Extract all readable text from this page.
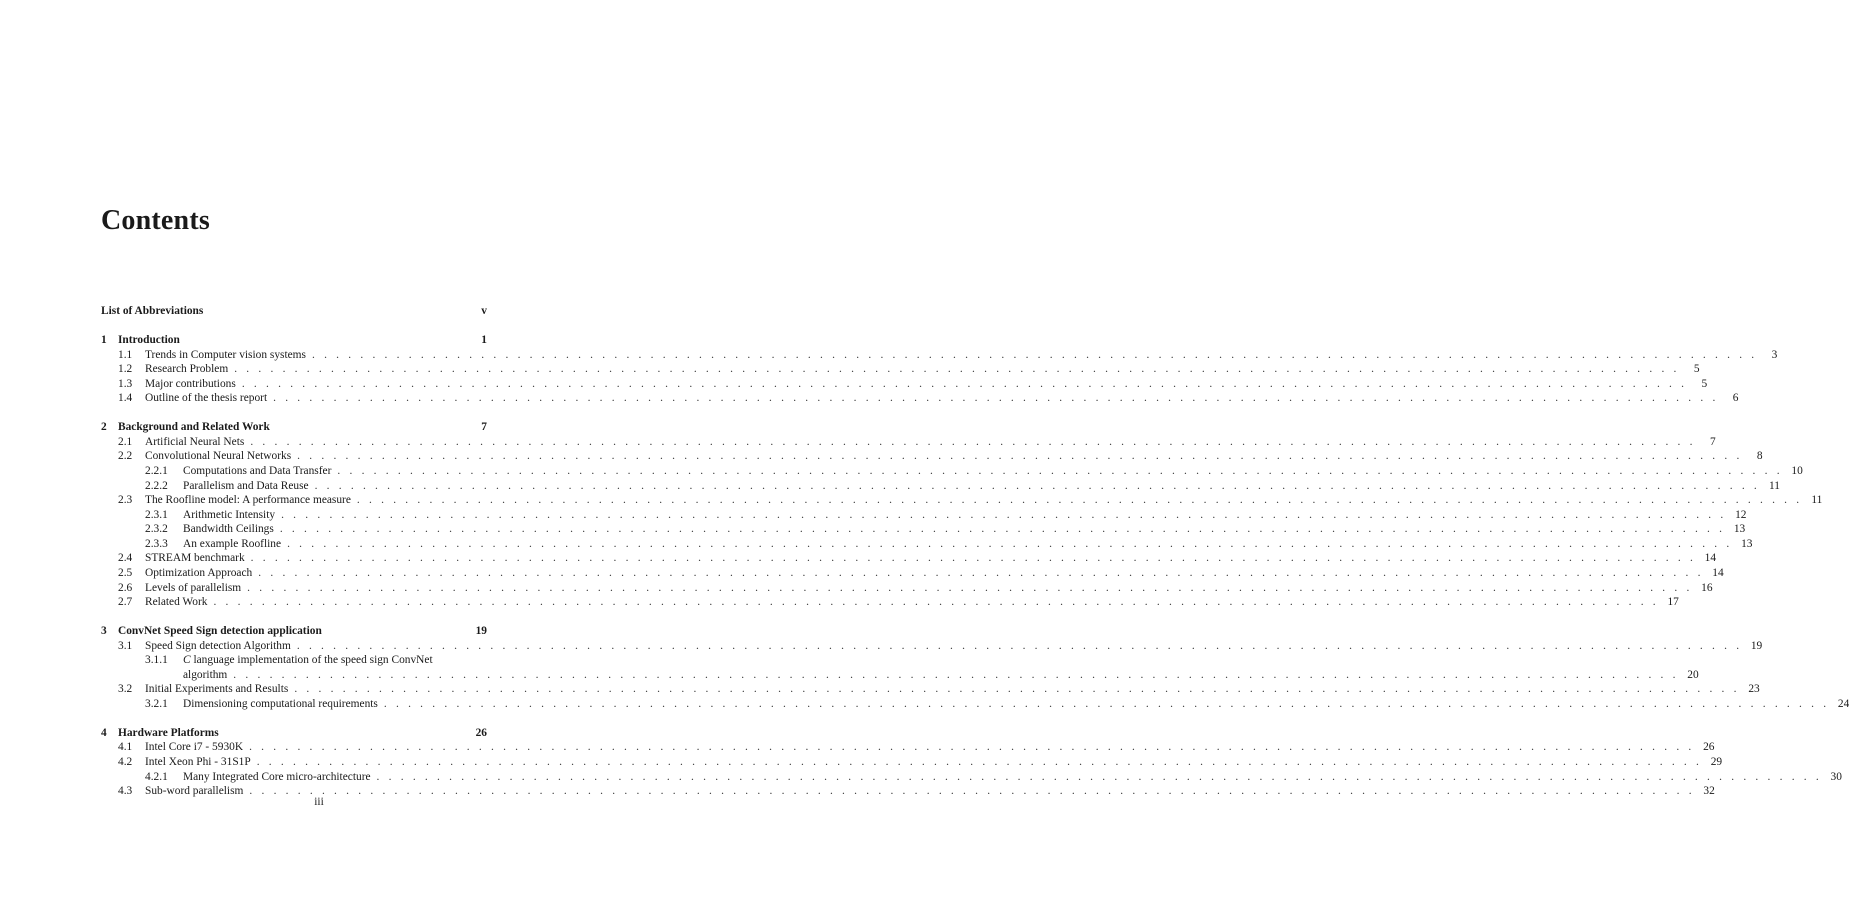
Contents
List of Abbreviations	v
1 Introduction	1
1.1	Trends in Computer vision systems . . . . . . . . . . . . . . . . . . . . . . . . . . . . . . . . . . . . . . . . . . . . . . . . . . . . . . . . . . . . . . . . . . . . . . . . . . . . . . . . . . . . . . . . . . . . . . . . . . . . . . . . . . . . . . . . . . . . . . . .	3
1.2	Research Problem . . . . . . . . . . . . . . . . . . . . . . . . . . . . . . . . . . . . . . . . . . . . . . . . . . . . . . . . . . . . . . . . . . . . . . . . . . . . . . . . . . . . . . . . . . . . . . . . . . . . . . . . . . . . . . . . . . . . . . . .	5
1.3	Major contributions . . . . . . . . . . . . . . . . . . . . . . . . . . . . . . . . . . . . . . . . . . . . . . . . . . . . . . . . . . . . . . . . . . . . . . . . . . . . . . . . . . . . . . . . . . . . . . . . . . . . . . . . . . . . . . . . . . . . . . . .	5
1.4	Outline of the thesis report . . . . . . . . . . . . . . . . . . . . . . . . . . . . . . . . . . . . . . . . . . . . . . . . . . . . . . . . . . . . . . . . . . . . . . . . . . . . . . . . . . . . . . . . . . . . . . . . . . . . . . . . . . . . . . . . . . . . . . . .	6
2 Background and Related Work	7
2.1	Artificial Neural Nets . . . . . . . . . . . . . . . . . . . . . . . . . . . . . . . . . . . . . . . . . . . . . . . . . . . . . . . . . . . . . . . . . . . . . . . . . . . . . . . . . . . . . . . . . . . . . . . . . . . . . . . . . . . . . . . . . . . . . . . .	7
2.2	Convolutional Neural Networks . . . . . . . . . . . . . . . . . . . . . . . . . . . . . . . . . . . . . . . . . . . . . . . . . . . . . . . . . . . . . . . . . . . . . . . . . . . . . . . . . . . . . . . . . . . . . . . . . . . . . . . . . . . . . . . . . . . . . . . .	8
2.2.1	Computations and Data Transfer . . . . . . . . . . . . . . . . . . . . . . . . . . . . . . . . . . . . . . . . . . . . . . . . . . . . . . . . . . . . . . . . . . . . . . . . . . . . . . . . . . . . . . . . . . . . . . . . . . . . . . . . . . . . . . . . . . . . . . . . 10
2.2.2	Parallelism and Data Reuse . . . . . . . . . . . . . . . . . . . . . . . . . . . . . . . . . . . . . . . . . . . . . . . . . . . . . . . . . . . . . . . . . . . . . . . . . . . . . . . . . . . . . . . . . . . . . . . . . . . . . . . . . . . . . . . . . . . . . . . . 11
2.3	The Roofline model: A performance measure . . . . . . . . . . . . . . . . . . . . . . . . . . . . . . . . . . . . . . . . . . . . . . . . . . . . . . . . . . . . . . . . . . . . . . . . . . . . . . . . . . . . . . . . . . . . . . . . . . . . . . . . . . . . . . . . . . . . . . . . 11
2.3.1	Arithmetic Intensity . . . . . . . . . . . . . . . . . . . . . . . . . . . . . . . . . . . . . . . . . . . . . . . . . . . . . . . . . . . . . . . . . . . . . . . . . . . . . . . . . . . . . . . . . . . . . . . . . . . . . . . . . . . . . . . . . . . . . . . . 12
2.3.2	Bandwidth Ceilings . . . . . . . . . . . . . . . . . . . . . . . . . . . . . . . . . . . . . . . . . . . . . . . . . . . . . . . . . . . . . . . . . . . . . . . . . . . . . . . . . . . . . . . . . . . . . . . . . . . . . . . . . . . . . . . . . . . . . . . . 13
2.3.3	An example Roofline . . . . . . . . . . . . . . . . . . . . . . . . . . . . . . . . . . . . . . . . . . . . . . . . . . . . . . . . . . . . . . . . . . . . . . . . . . . . . . . . . . . . . . . . . . . . . . . . . . . . . . . . . . . . . . . . . . . . . . . . 13
2.4	STREAM benchmark . . . . . . . . . . . . . . . . . . . . . . . . . . . . . . . . . . . . . . . . . . . . . . . . . . . . . . . . . . . . . . . . . . . . . . . . . . . . . . . . . . . . . . . . . . . . . . . . . . . . . . . . . . . . . . . . . . . . . . . . 14
2.5	Optimization Approach . . . . . . . . . . . . . . . . . . . . . . . . . . . . . . . . . . . . . . . . . . . . . . . . . . . . . . . . . . . . . . . . . . . . . . . . . . . . . . . . . . . . . . . . . . . . . . . . . . . . . . . . . . . . . . . . . . . . . . . . 14
2.6	Levels of parallelism . . . . . . . . . . . . . . . . . . . . . . . . . . . . . . . . . . . . . . . . . . . . . . . . . . . . . . . . . . . . . . . . . . . . . . . . . . . . . . . . . . . . . . . . . . . . . . . . . . . . . . . . . . . . . . . . . . . . . . . . 16
2.7	Related Work . . . . . . . . . . . . . . . . . . . . . . . . . . . . . . . . . . . . . . . . . . . . . . . . . . . . . . . . . . . . . . . . . . . . . . . . . . . . . . . . . . . . . . . . . . . . . . . . . . . . . . . . . . . . . . . . . . . . . . . . 17
3 ConvNet Speed Sign detection application	19
3.1	Speed Sign detection Algorithm . . . . . . . . . . . . . . . . . . . . . . . . . . . . . . . . . . . . . . . . . . . . . . . . . . . . . . . . . . . . . . . . . . . . . . . . . . . . . . . . . . . . . . . . . . . . . . . . . . . . . . . . . . . . . . . . . . . . . . . . 19
3.1.1	C language implementation of the speed sign ConvNet
algorithm . . . . . . . . . . . . . . . . . . . . . . . . . . . . . . . . . . . . . . . . . . . . . . . . . . . . . . . . . . . . . . . . . . . . . . . . . . . . . . . . . . . . . . . . . . . . . . . . . . . . . . . . . . . . . . . . . . . . . . . . 20
3.2	Initial Experiments and Results . . . . . . . . . . . . . . . . . . . . . . . . . . . . . . . . . . . . . . . . . . . . . . . . . . . . . . . . . . . . . . . . . . . . . . . . . . . . . . . . . . . . . . . . . . . . . . . . . . . . . . . . . . . . . . . . . . . . . . . . 23
3.2.1	Dimensioning computational requirements . . . . . . . . . . . . . . . . . . . . . . . . . . . . . . . . . . . . . . . . . . . . . . . . . . . . . . . . . . . . . . . . . . . . . . . . . . . . . . . . . . . . . . . . . . . . . . . . . . . . . . . . . . . . . . . . . . . . . . . . 24
4 Hardware Platforms	26
4.1	Intel Core i7 - 5930K . . . . . . . . . . . . . . . . . . . . . . . . . . . . . . . . . . . . . . . . . . . . . . . . . . . . . . . . . . . . . . . . . . . . . . . . . . . . . . . . . . . . . . . . . . . . . . . . . . . . . . . . . . . . . . . . . . . . . . . . 26
4.2	Intel Xeon Phi - 31S1P . . . . . . . . . . . . . . . . . . . . . . . . . . . . . . . . . . . . . . . . . . . . . . . . . . . . . . . . . . . . . . . . . . . . . . . . . . . . . . . . . . . . . . . . . . . . . . . . . . . . . . . . . . . . . . . . . . . . . . . . 29
4.2.1	Many Integrated Core micro-architecture . . . . . . . . . . . . . . . . . . . . . . . . . . . . . . . . . . . . . . . . . . . . . . . . . . . . . . . . . . . . . . . . . . . . . . . . . . . . . . . . . . . . . . . . . . . . . . . . . . . . . . . . . . . . . . . . . . . . . . . . 30
4.3	Sub-word parallelism . . . . . . . . . . . . . . . . . . . . . . . . . . . . . . . . . . . . . . . . . . . . . . . . . . . . . . . . . . . . . . . . . . . . . . . . . . . . . . . . . . . . . . . . . . . . . . . . . . . . . . . . . . . . . . . . . . . . . . . . 32
iii
